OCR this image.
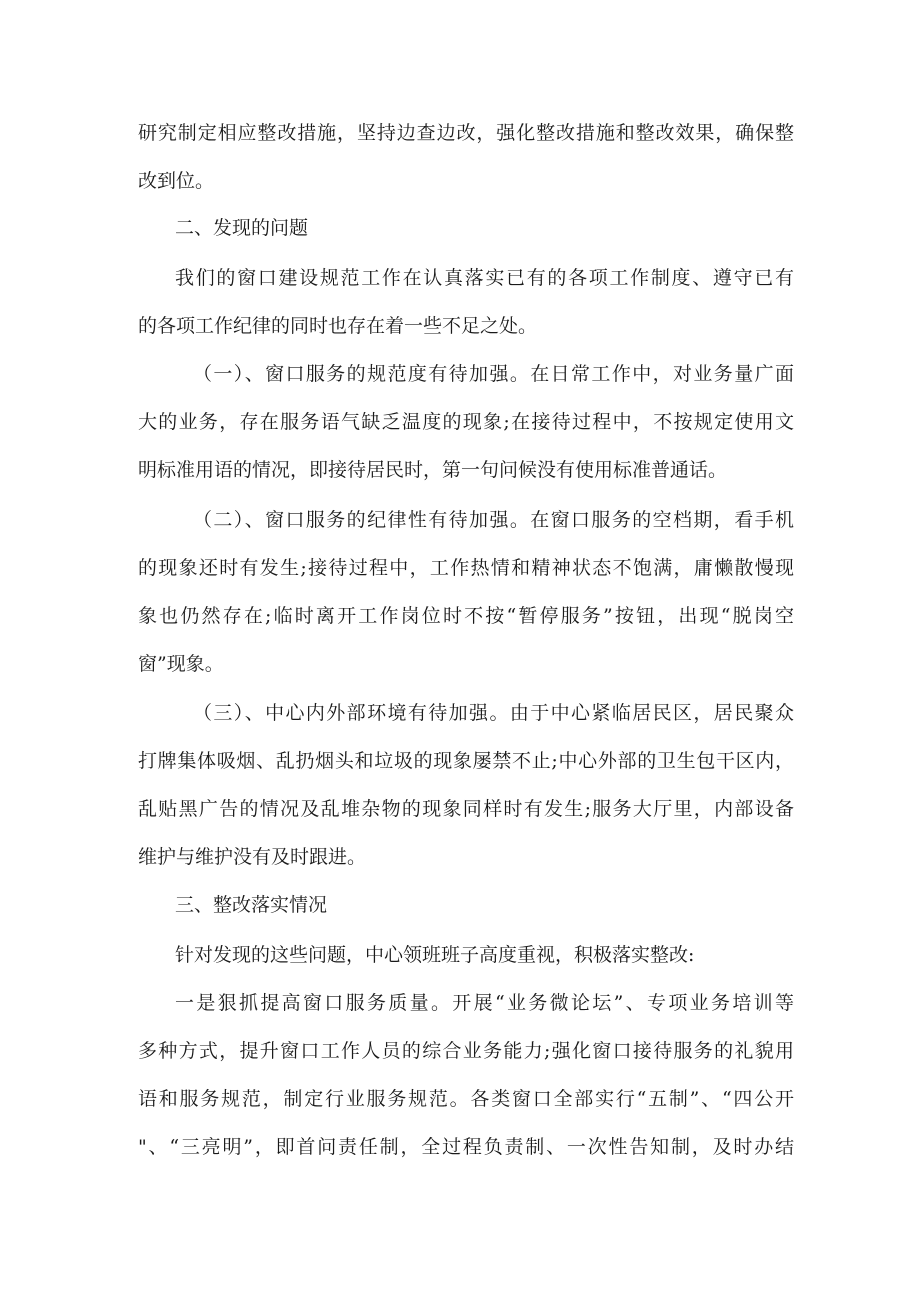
研究制定相应整改措施，坚持边查边改，强化整改措施和整改效果，确保整
改到位。
二、发现的问题
我们的窗口建设规范工作在认真落实已有的各项工作制度、遵守已有
的各项工作纪律的同时也存在着一些不足之处。
（一）、窗口服务的规范度有待加强。在日常工作中，对业务量广面
大的业务，存在服务语气缺乏温度的现象;在接待过程中，不按规定使用文
明标准用语的情况，即接待居民时，第一句问候没有使用标准普通话。
（二）、窗口服务的纪律性有待加强。在窗口服务的空档期，看手机
的现象还时有发生;接待过程中，工作热情和精神状态不饱满，庸懒散慢现
象也仍然存在;临时离开工作岗位时不按“暂停服务”按钮，出现“脱岗空
窗”现象。
（三）、中心内外部环境有待加强。由于中心紧临居民区，居民聚众
打牌集体吸烟、乱扔烟头和垃圾的现象屡禁不止;中心外部的卫生包干区内，
乱贴黑广告的情况及乱堆杂物的现象同样时有发生;服务大厅里，内部设备
维护与维护没有及时跟进。
三、整改落实情况
针对发现的这些问题，中心领班班子高度重视，积极落实整改:
一是狠抓提高窗口服务质量。开展“业务微论坛”、专项业务培训等
多种方式，提升窗口工作人员的综合业务能力;强化窗口接待服务的礼貌用
语和服务规范，制定行业服务规范。各类窗口全部实行“五制”、“四公开
"、“三亮明”，即首问责任制，全过程负责制、一次性告知制，及时办结
